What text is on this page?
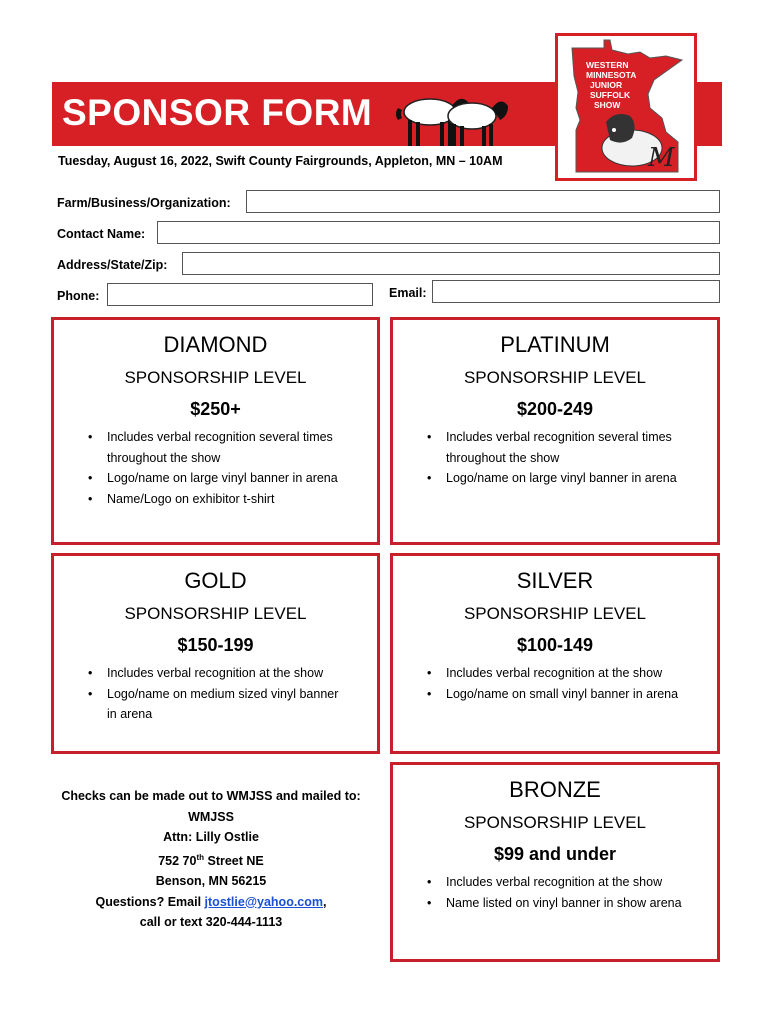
SPONSOR FORM
Tuesday, August 16, 2022, Swift County Fairgrounds, Appleton, MN – 10AM	M
WESTERN MINNESOTA JUNIOR SUFFOLK SHOW
Farm/Business/Organization:
Contact Name:
Address/State/Zip:
Phone:	Email:
DIAMOND
SPONSORSHIP LEVEL
$250+
• Includes verbal recognition several times throughout the show
• Logo/name on large vinyl banner in arena
• Name/Logo on exhibitor t-shirt
PLATINUM
SPONSORSHIP LEVEL
$200-249
• Includes verbal recognition several times throughout the show
• Logo/name on large vinyl banner in arena
GOLD
SPONSORSHIP LEVEL
$150-199
• Includes verbal recognition at the show
• Logo/name on medium sized vinyl banner in arena
SILVER
SPONSORSHIP LEVEL
$100-149
• Includes verbal recognition at the show
• Logo/name on small vinyl banner in arena
BRONZE
SPONSORSHIP LEVEL
$99 and under
• Includes verbal recognition at the show
• Name listed on vinyl banner in show arena
Checks can be made out to WMJSS and mailed to:
WMJSS
Attn: Lilly Ostlie
752 70th Street NE
Benson, MN 56215
Questions? Email jtostlie@yahoo.com,
call or text 320-444-1113
